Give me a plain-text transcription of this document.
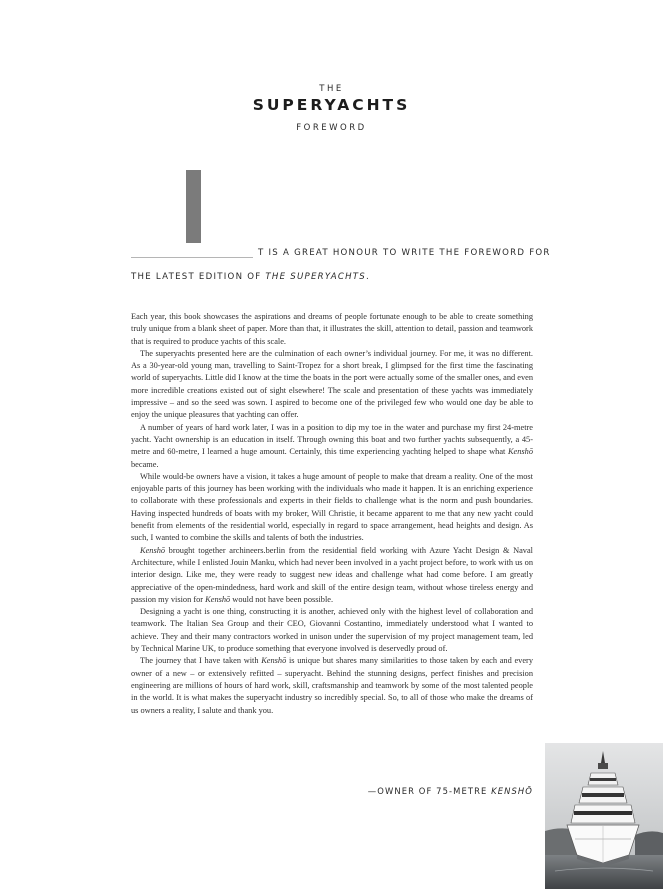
THE
SUPERYACHTS
FOREWORD
T IS A GREAT HONOUR TO WRITE THE FOREWORD FOR
THE LATEST EDITION OF THE SUPERYACHTS.

Each year, this book showcases the aspirations and dreams of people fortunate enough to be able to create something truly unique from a blank sheet of paper. More than that, it illustrates the skill, attention to detail, passion and teamwork that is required to produce yachts of this scale.

The superyachts presented here are the culmination of each owner’s individual journey. For me, it was no different. As a 30-year-old young man, travelling to Saint-Tropez for a short break, I glimpsed for the first time the fascinating world of superyachts. Little did I know at the time the boats in the port were actually some of the smaller ones, and even more incredible creations existed out of sight elsewhere! The scale and presentation of these yachts was immediately impressive – and so the seed was sown. I aspired to become one of the privileged few who would one day be able to enjoy the unique pleasures that yachting can offer.

A number of years of hard work later, I was in a position to dip my toe in the water and purchase my first 24-metre yacht. Yacht ownership is an education in itself. Through owning this boat and two further yachts subsequently, a 45-metre and 60-metre, I learned a huge amount. Certainly, this time experiencing yachting helped to shape what Kenshō became.

While would-be owners have a vision, it takes a huge amount of people to make that dream a reality. One of the most enjoyable parts of this journey has been working with the individuals who made it happen. It is an enriching experience to collaborate with these professionals and experts in their fields to challenge what is the norm and push boundaries. Having inspected hundreds of boats with my broker, Will Christie, it became apparent to me that any new yacht could benefit from elements of the residential world, especially in regard to space arrangement, head heights and design. As such, I wanted to combine the skills and talents of both the industries.

Kenshō brought together archineers.berlin from the residential field working with Azure Yacht Design & Naval Architecture, while I enlisted Jouin Manku, which had never been involved in a yacht project before, to work with us on interior design. Like me, they were ready to suggest new ideas and challenge what had come before. I am greatly appreciative of the open-mindedness, hard work and skill of the entire design team, without whose tireless energy and passion my vision for Kenshō would not have been possible.

Designing a yacht is one thing, constructing it is another, achieved only with the highest level of collaboration and teamwork. The Italian Sea Group and their CEO, Giovanni Costantino, immediately understood what I wanted to achieve. They and their many contractors worked in unison under the supervision of my project management team, led by Technical Marine UK, to produce something that everyone involved is deservedly proud of.

The journey that I have taken with Kenshō is unique but shares many similarities to those taken by each and every owner of a new – or extensively refitted – superyacht. Behind the stunning designs, perfect finishes and precision engineering are millions of hours of hard work, skill, craftsmanship and teamwork by some of the most talented people in the world. It is what makes the superyacht industry so incredibly special. So, to all of those who make the dreams of us owners a reality, I salute and thank you.

—OWNER OF 75-METRE KENSHŌ
